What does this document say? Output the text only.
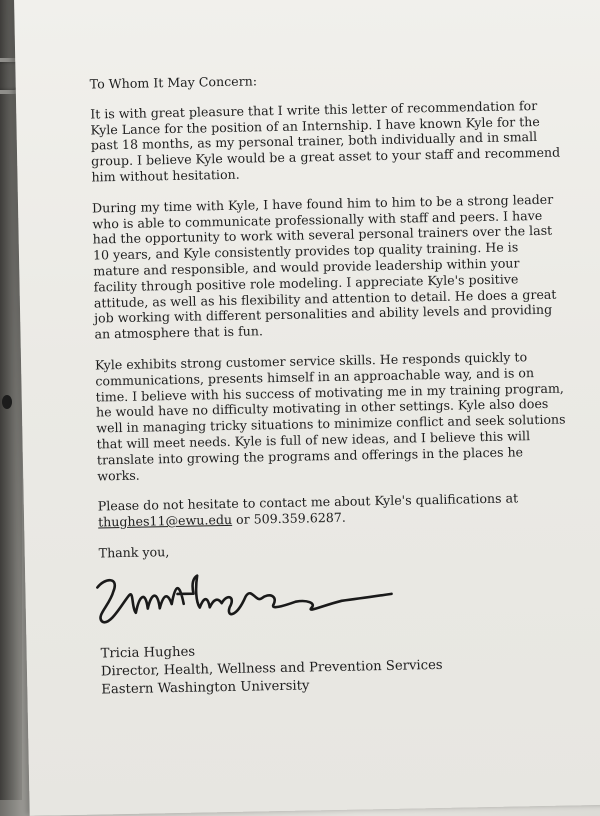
To Whom It May Concern:

It is with great pleasure that I write this letter of recommendation for Kyle Lance for the position of an Internship. I have known Kyle for the past 18 months, as my personal trainer, both individually and in small group. I believe Kyle would be a great asset to your staff and recommend him without hesitation.

During my time with Kyle, I have found him to him to be a strong leader who is able to communicate professionally with staff and peers. I have had the opportunity to work with several personal trainers over the last 10 years, and Kyle consistently provides top quality training. He is mature and responsible, and would provide leadership within your facility through positive role modeling. I appreciate Kyle's positive attitude, as well as his flexibility and attention to detail. He does a great job working with different personalities and ability levels and providing an atmosphere that is fun.

Kyle exhibits strong customer service skills. He responds quickly to communications, presents himself in an approachable way, and is on time. I believe with his success of motivating me in my training program, he would have no difficulty motivating in other settings. Kyle also does well in managing tricky situations to minimize conflict and seek solutions that will meet needs. Kyle is full of new ideas, and I believe this will translate into growing the programs and offerings in the places he works.

Please do not hesitate to contact me about Kyle's qualifications at
thughes11@ewu.edu or 509.359.6287.

Thank you,

Tricia Hughes
Director, Health, Wellness and Prevention Services
Eastern Washington University
